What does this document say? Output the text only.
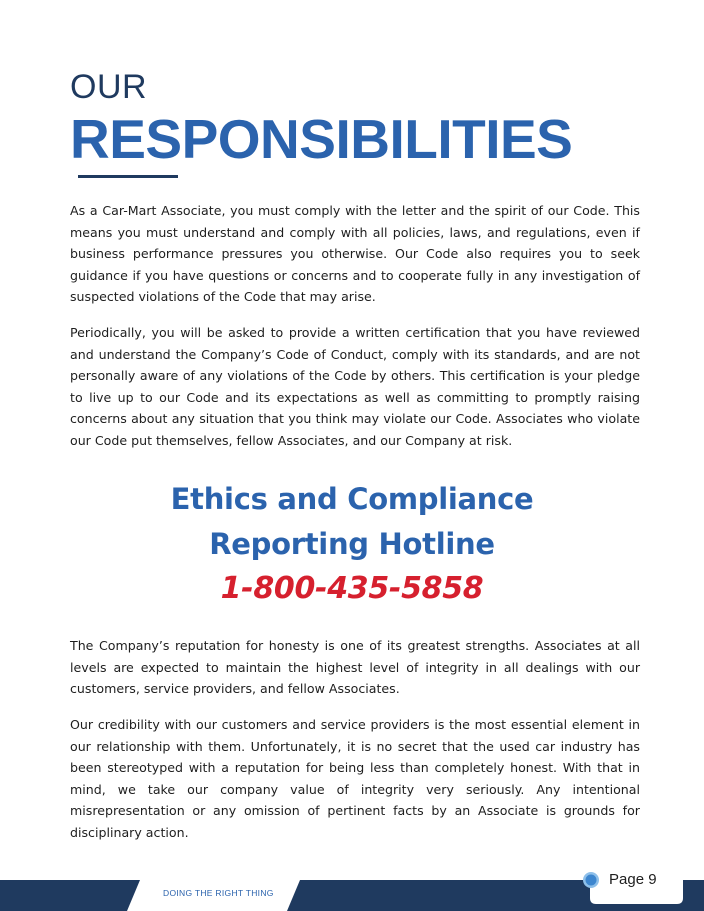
OUR
RESPONSIBILITIES

As a Car-Mart Associate, you must comply with the letter and the spirit of our Code. This means you must understand and comply with all policies, laws, and regulations, even if business performance pressures you otherwise. Our Code also requires you to seek guidance if you have questions or concerns and to cooperate fully in any investigation of suspected violations of the Code that may arise.

Periodically, you will be asked to provide a written certification that you have reviewed and understand the Company’s Code of Conduct, comply with its standards, and are not personally aware of any violations of the Code by others. This certification is your pledge to live up to our Code and its expectations as well as committing to promptly raising concerns about any situation that you think may violate our Code. Associates who violate our Code put themselves, fellow Associates, and our Company at risk.

Ethics and Compliance
Reporting Hotline
1-800-435-5858

The Company’s reputation for honesty is one of its greatest strengths. Associates at all levels are expected to maintain the highest level of integrity in all dealings with our customers, service providers, and fellow Associates.

Our credibility with our customers and service providers is the most essential element in our relationship with them. Unfortunately, it is no secret that the used car industry has been stereotyped with a reputation for being less than completely honest. With that in mind, we take our company value of integrity very seriously. Any intentional misrepresentation or any omission of pertinent facts by an Associate is grounds for disciplinary action.

DOING THE RIGHT THING
Page 9
